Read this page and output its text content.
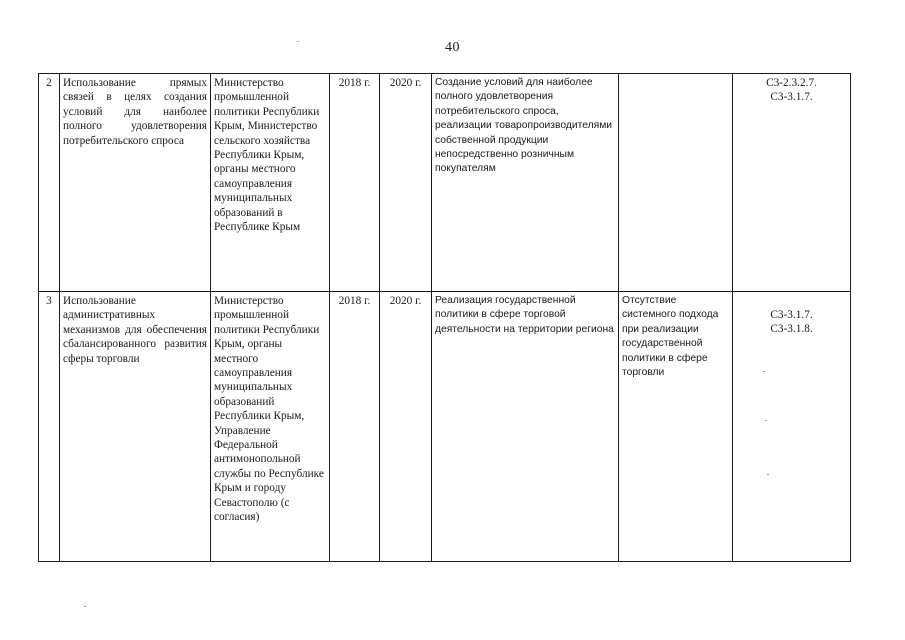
40
2	Использование прямых связей в целях создания условий для наиболее полного удовлетворения потребительского спроса	Министерство промышленной политики Республики Крым, Министерство сельского хозяйства Республики Крым, органы местного самоуправления муниципальных образований в Республике Крым	2018 г.	2020 г.	Создание условий для наиболее полного удовлетворения потребительского спроса, реализации товаропроизводителями собственной продукции непосредственно розничным покупателям		С3-2.3.2.7.
С3-3.1.7.

3	Использование административных механизмов для обеспечения сбалансированного развития сферы торговли	Министерство промышленной политики Республики Крым, органы местного самоуправления муниципальных образований Республики Крым, Управление Федеральной антимонопольной службы по Республике Крым и городу Севастополю (с согласия)	2018 г.	2020 г.	Реализация государственной политики в сфере торговой деятельности на территории региона	Отсутствие системного подхода при реализации государственной политики в сфере торговли	С3-3.1.7.
С3-3.1.8.
